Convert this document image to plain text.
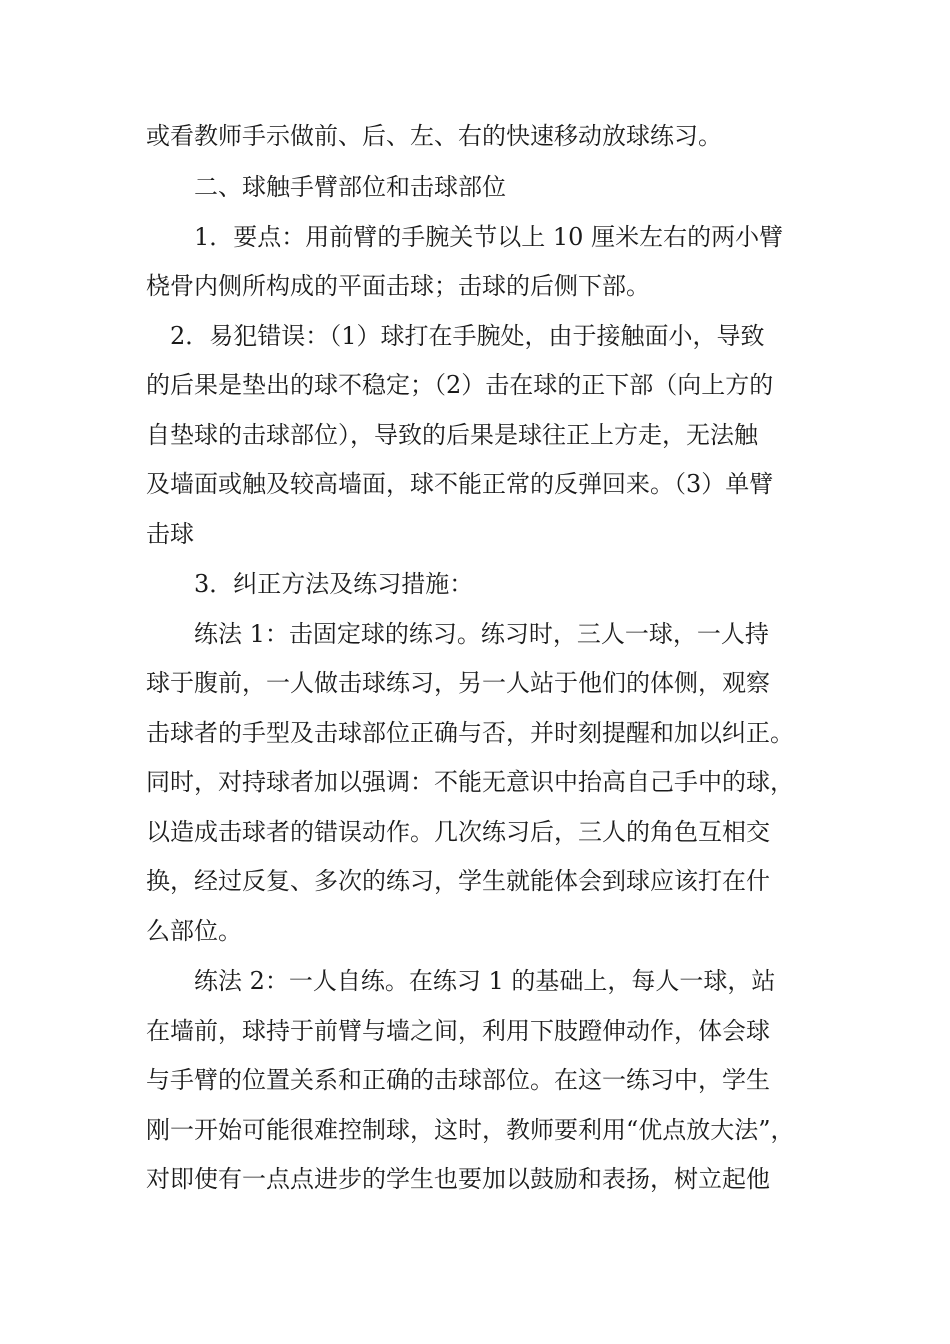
或看教师手示做前、后、左、右的快速移动放球练习。
二、球触手臂部位和击球部位
1．要点：用前臂的手腕关节以上 10 厘米左右的两小臂
桡骨内侧所构成的平面击球；击球的后侧下部。
2．易犯错误：（1）球打在手腕处，由于接触面小，导致
的后果是垫出的球不稳定；（2）击在球的正下部（向上方的
自垫球的击球部位），导致的后果是球往正上方走，无法触
及墙面或触及较高墙面，球不能正常的反弹回来。（3）单臂
击球
3．纠正方法及练习措施：
练法 1：击固定球的练习。练习时，三人一球，一人持
球于腹前，一人做击球练习，另一人站于他们的体侧，观察
击球者的手型及击球部位正确与否，并时刻提醒和加以纠正。
同时，对持球者加以强调：不能无意识中抬高自己手中的球，
以造成击球者的错误动作。几次练习后，三人的角色互相交
换，经过反复、多次的练习，学生就能体会到球应该打在什
么部位。
练法 2：一人自练。在练习 1 的基础上，每人一球，站
在墙前，球持于前臂与墙之间，利用下肢蹬伸动作，体会球
与手臂的位置关系和正确的击球部位。在这一练习中，学生
刚一开始可能很难控制球，这时，教师要利用“优点放大法”，
对即使有一点点进步的学生也要加以鼓励和表扬，树立起他
